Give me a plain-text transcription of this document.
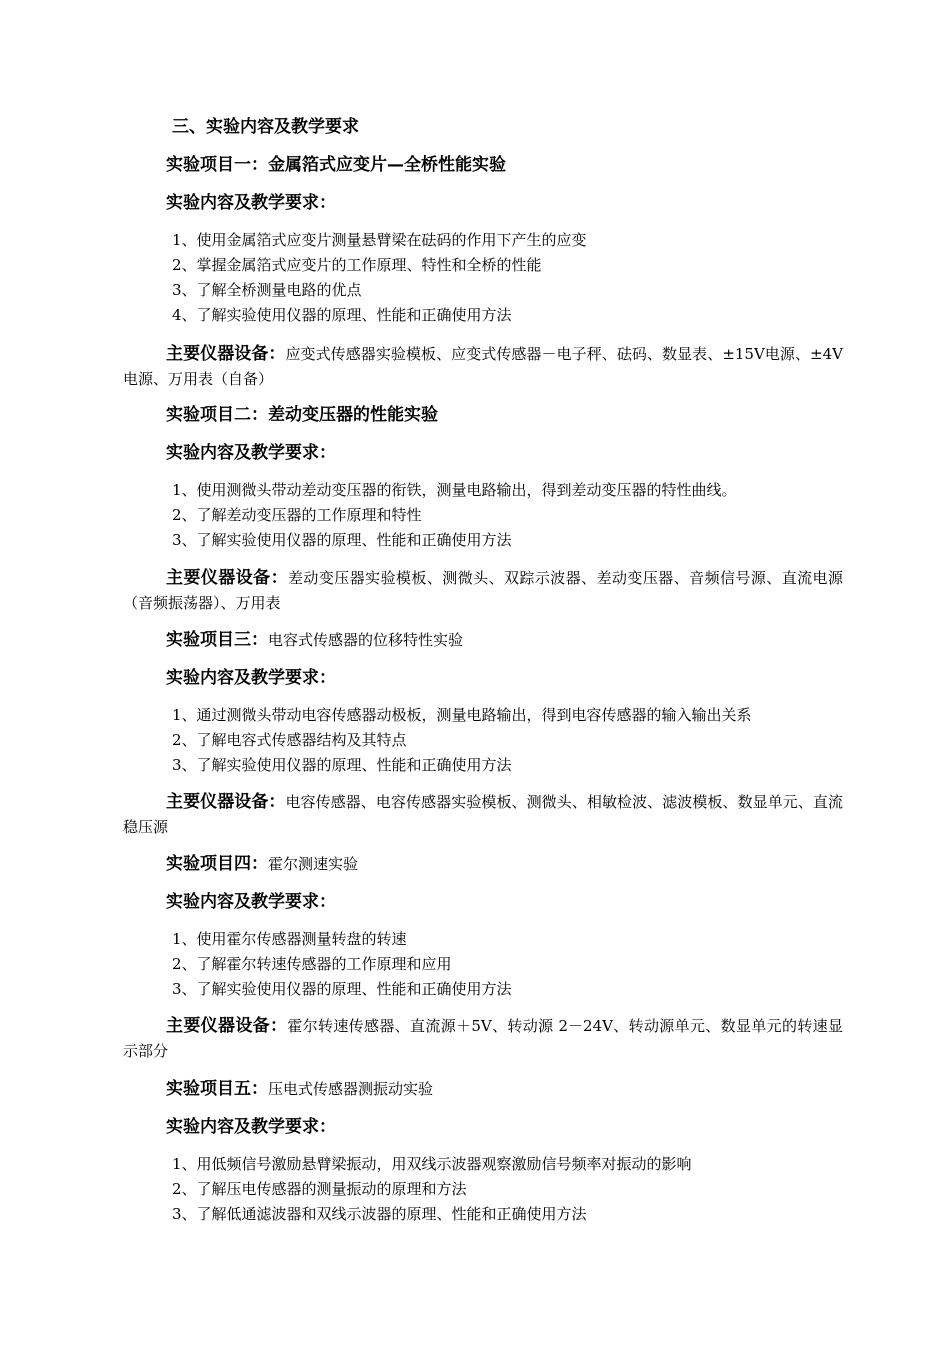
三、实验内容及教学要求
实验项目一：金属箔式应变片—全桥性能实验
实验内容及教学要求：
1、使用金属箔式应变片测量悬臂梁在砝码的作用下产生的应变
2、掌握金属箔式应变片的工作原理、特性和全桥的性能
3、了解全桥测量电路的优点
4、了解实验使用仪器的原理、性能和正确使用方法
主要仪器设备：应变式传感器实验模板、应变式传感器－电子秤、砝码、数显表、±15V电源、±4V 电源、万用表（自备）
实验项目二：差动变压器的性能实验
实验内容及教学要求：
1、使用测微头带动差动变压器的衔铁，测量电路输出，得到差动变压器的特性曲线。
2、了解差动变压器的工作原理和特性
3、了解实验使用仪器的原理、性能和正确使用方法
主要仪器设备：差动变压器实验模板、测微头、双踪示波器、差动变压器、音频信号源、直流电源（音频振荡器）、万用表
实验项目三：电容式传感器的位移特性实验
实验内容及教学要求：
1、通过测微头带动电容传感器动极板，测量电路输出，得到电容传感器的输入输出关系
2、了解电容式传感器结构及其特点
3、了解实验使用仪器的原理、性能和正确使用方法
主要仪器设备：电容传感器、电容传感器实验模板、测微头、相敏检波、滤波模板、数显单元、直流稳压源
实验项目四：霍尔测速实验
实验内容及教学要求：
1、使用霍尔传感器测量转盘的转速
2、了解霍尔转速传感器的工作原理和应用
3、了解实验使用仪器的原理、性能和正确使用方法
主要仪器设备：霍尔转速传感器、直流源＋5V、转动源 2－24V、转动源单元、数显单元的转速显示部分
实验项目五：压电式传感器测振动实验
实验内容及教学要求：
1、用低频信号激励悬臂梁振动，用双线示波器观察激励信号频率对振动的影响
2、了解压电传感器的测量振动的原理和方法
3、了解低通滤波器和双线示波器的原理、性能和正确使用方法
